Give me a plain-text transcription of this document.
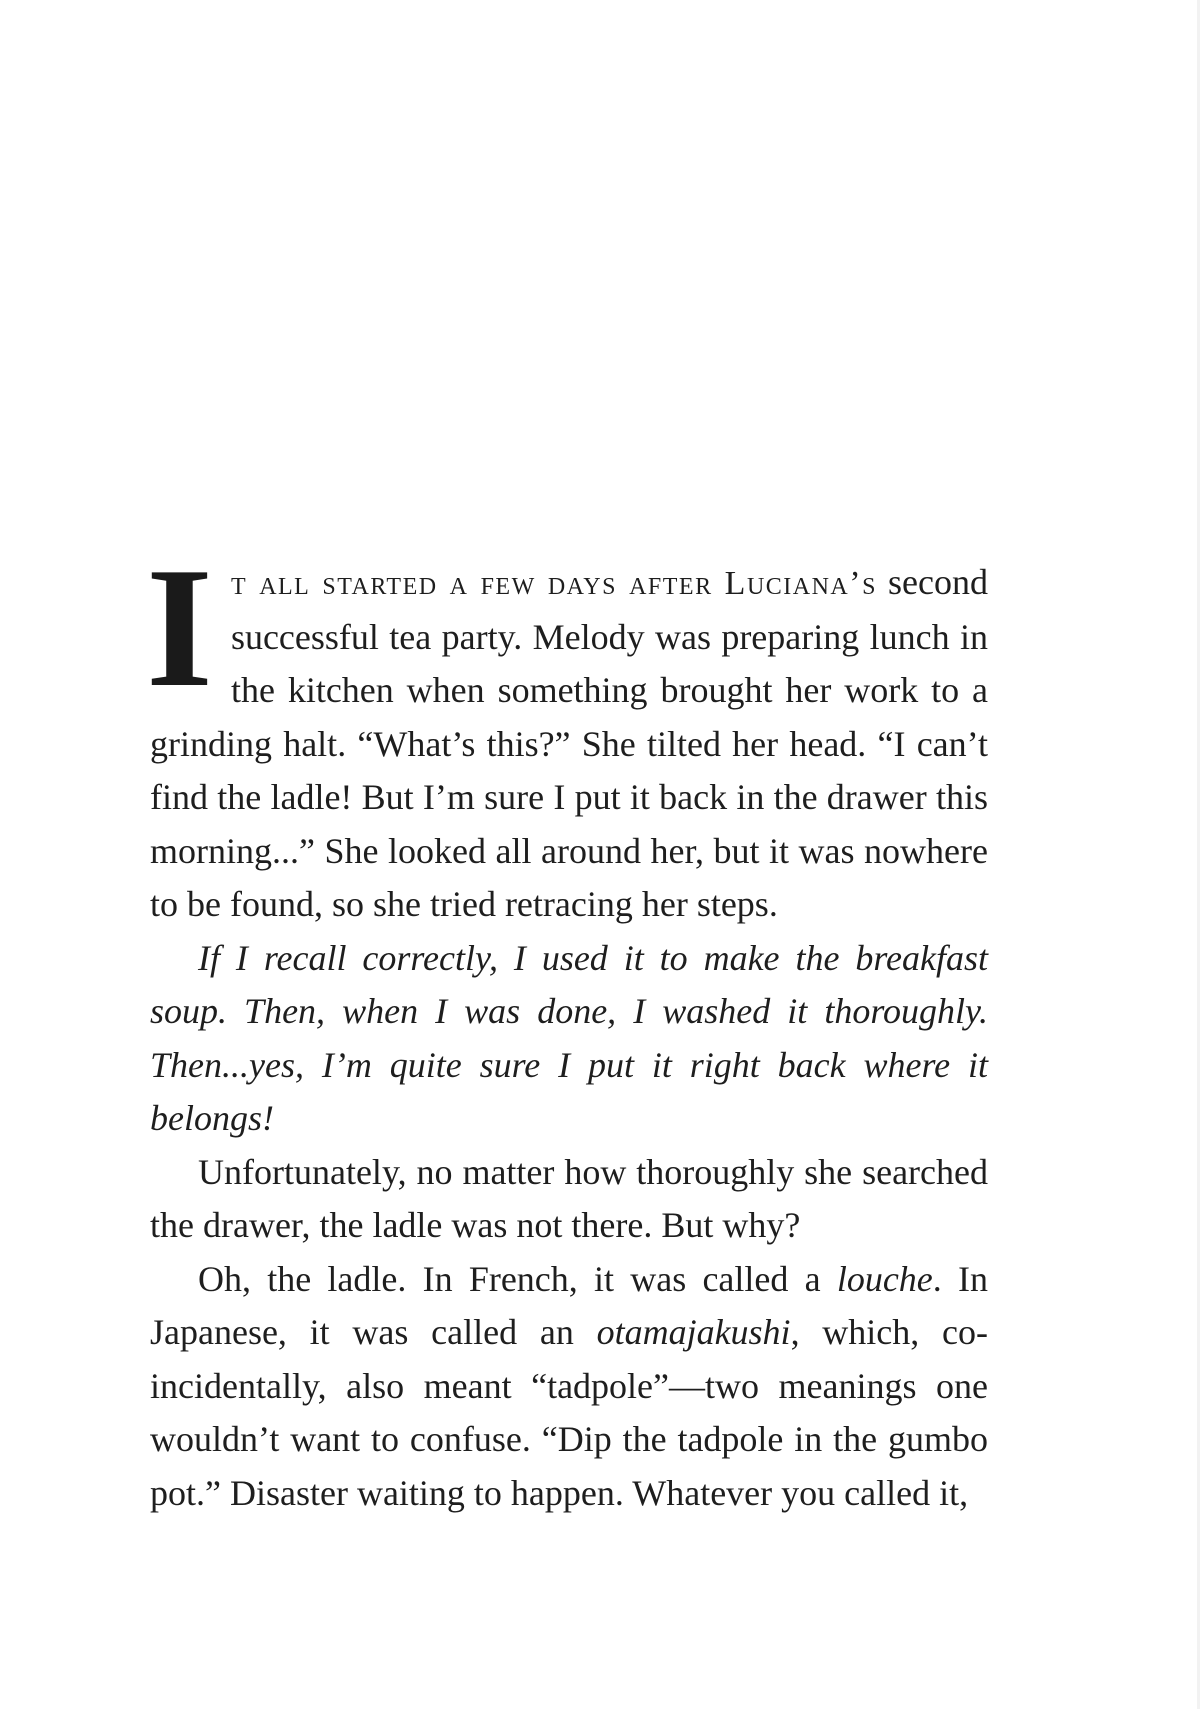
It all started a few days after Luciana’s second successful tea party. Melody was preparing lunch in the kitchen when something brought her work to a grinding halt. “What’s this?” She tilted her head. “I can’t find the ladle! But I’m sure I put it back in the drawer this morning...” She looked all around her, but it was nowhere to be found, so she tried retracing her steps.

If I recall correctly, I used it to make the breakfast soup. Then, when I was done, I washed it thoroughly. Then...yes, I’m quite sure I put it right back where it belongs!

Unfortunately, no matter how thoroughly she searched the drawer, the ladle was not there. But why?

Oh, the ladle. In French, it was called a louche. In Japanese, it was called an otamajakushi, which, co-incidentally, also meant “tadpole”—two meanings one wouldn’t want to confuse. “Dip the tadpole in the gumbo pot.” Disaster waiting to happen. Whatever you called it,
